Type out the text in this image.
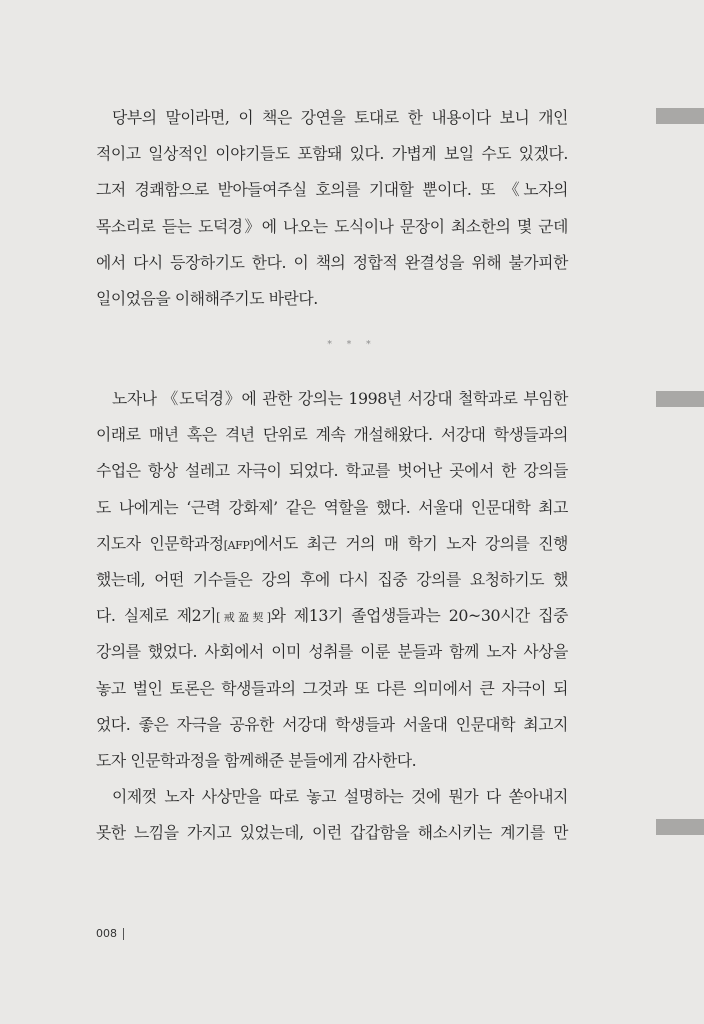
당부의 말이라면, 이 책은 강연을 토대로 한 내용이다 보니 개인
적이고 일상적인 이야기들도 포함돼 있다. 가볍게 보일 수도 있겠다.
그저 경쾌함으로 받아들여주실 호의를 기대할 뿐이다. 또 《노자의
목소리로 듣는 도덕경》에 나오는 도식이나 문장이 최소한의 몇 군데
에서 다시 등장하기도 한다. 이 책의 정합적 완결성을 위해 불가피한
일이었음을 이해해주기도 바란다.
* * *
노자나 《도덕경》에 관한 강의는 1998년 서강대 철학과로 부임한
이래로 매년 혹은 격년 단위로 계속 개설해왔다. 서강대 학생들과의
수업은 항상 설레고 자극이 되었다. 학교를 벗어난 곳에서 한 강의들
도 나에게는 ‘근력 강화제’ 같은 역할을 했다. 서울대 인문대학 최고
지도자 인문학과정[AFP]에서도 최근 거의 매 학기 노자 강의를 진행
했는데, 어떤 기수들은 강의 후에 다시 집중 강의를 요청하기도 했
다. 실제로 제2기[戒盈契]와 제13기 졸업생들과는 20~30시간 집중
강의를 했었다. 사회에서 이미 성취를 이룬 분들과 함께 노자 사상을
놓고 벌인 토론은 학생들과의 그것과 또 다른 의미에서 큰 자극이 되
었다. 좋은 자극을 공유한 서강대 학생들과 서울대 인문대학 최고지
도자 인문학과정을 함께해준 분들에게 감사한다.
이제껏 노자 사상만을 따로 놓고 설명하는 것에 뭔가 다 쏟아내지
못한 느낌을 가지고 있었는데, 이런 갑갑함을 해소시키는 계기를 만
008
